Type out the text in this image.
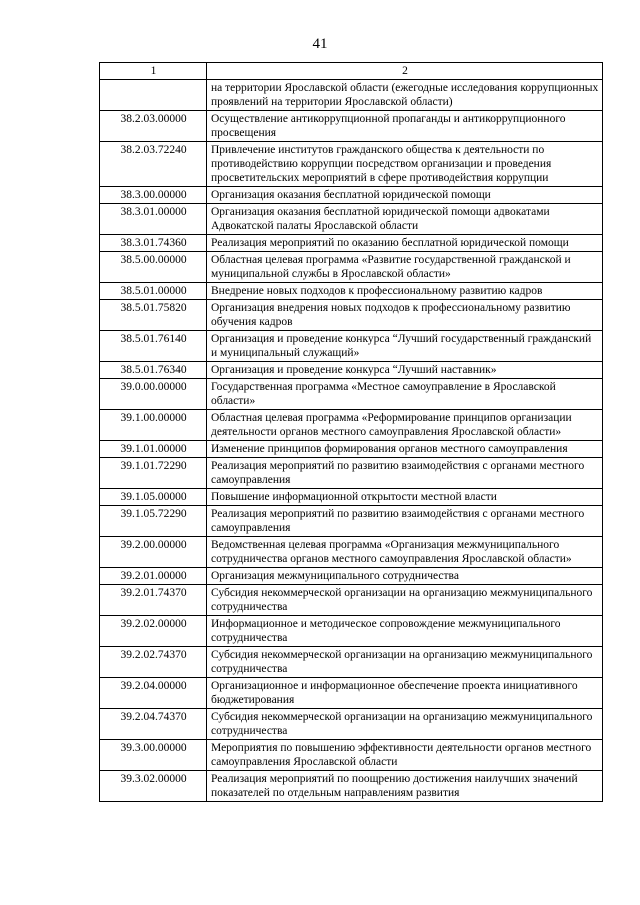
41
1	2
	на территории Ярославской области (ежегодные исследования коррупционных проявлений на территории Ярославской области)
38.2.03.00000	Осуществление антикоррупционной пропаганды и антикоррупционного просвещения
38.2.03.72240	Привлечение институтов гражданского общества к деятельности по противодействию коррупции посредством организации и проведения просветительских мероприятий в сфере противодействия коррупции
38.3.00.00000	Организация оказания бесплатной юридической помощи
38.3.01.00000	Организация оказания бесплатной юридической помощи адвокатами Адвокатской палаты Ярославской области
38.3.01.74360	Реализация мероприятий по оказанию бесплатной юридической помощи
38.5.00.00000	Областная целевая программа «Развитие государственной гражданской и муниципальной службы в Ярославской области»
38.5.01.00000	Внедрение новых подходов к профессиональному развитию кадров
38.5.01.75820	Организация внедрения новых подходов к профессиональному развитию обучения кадров
38.5.01.76140	Организация и проведение конкурса “Лучший государственный гражданский и муниципальный служащий»
38.5.01.76340	Организация и проведение конкурса “Лучший наставник»
39.0.00.00000	Государственная программа «Местное самоуправление в Ярославской области»
39.1.00.00000	Областная целевая программа «Реформирование принципов организации деятельности органов местного самоуправления Ярославской области»
39.1.01.00000	Изменение принципов формирования органов местного самоуправления
39.1.01.72290	Реализация мероприятий по развитию взаимодействия с органами местного самоуправления
39.1.05.00000	Повышение информационной открытости местной власти
39.1.05.72290	Реализация мероприятий по развитию взаимодействия с органами местного самоуправления
39.2.00.00000	Ведомственная целевая программа «Организация межмуниципального сотрудничества органов местного самоуправления Ярославской области»
39.2.01.00000	Организация межмуниципального сотрудничества
39.2.01.74370	Субсидия некоммерческой организации на организацию межмуниципального сотрудничества
39.2.02.00000	Информационное и методическое сопровождение межмуниципального сотрудничества
39.2.02.74370	Субсидия некоммерческой организации на организацию межмуниципального сотрудничества
39.2.04.00000	Организационное и информационное обеспечение проекта инициативного бюджетирования
39.2.04.74370	Субсидия некоммерческой организации на организацию межмуниципального сотрудничества
39.3.00.00000	Мероприятия по повышению эффективности деятельности органов местного самоуправления Ярославской области
39.3.02.00000	Реализация мероприятий по поощрению достижения наилучших значений показателей по отдельным направлениям развития
